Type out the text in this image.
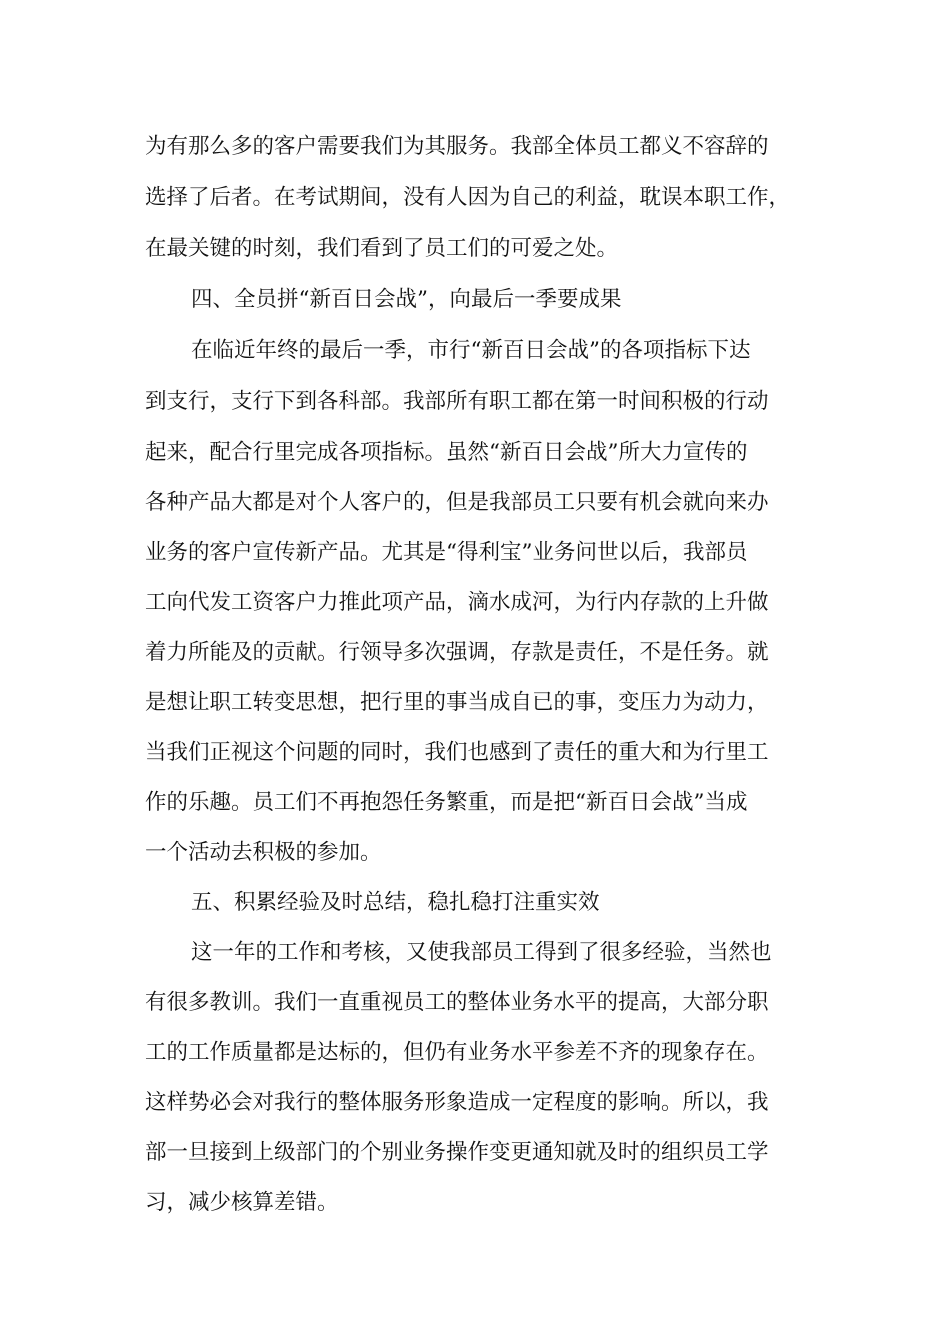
为有那么多的客户需要我们为其服务。我部全体员工都义不容辞的
选择了后者。在考试期间，没有人因为自己的利益，耽误本职工作，
在最关键的时刻，我们看到了员工们的可爱之处。
四、全员拼“新百日会战”，向最后一季要成果
在临近年终的最后一季，市行“新百日会战”的各项指标下达
到支行，支行下到各科部。我部所有职工都在第一时间积极的行动
起来，配合行里完成各项指标。虽然“新百日会战”所大力宣传的
各种产品大都是对个人客户的，但是我部员工只要有机会就向来办
业务的客户宣传新产品。尤其是“得利宝”业务问世以后，我部员
工向代发工资客户力推此项产品，滴水成河，为行内存款的上升做
着力所能及的贡献。行领导多次强调，存款是责任，不是任务。就
是想让职工转变思想，把行里的事当成自已的事，变压力为动力，
当我们正视这个问题的同时，我们也感到了责任的重大和为行里工
作的乐趣。员工们不再抱怨任务繁重，而是把“新百日会战”当成
一个活动去积极的参加。
五、积累经验及时总结，稳扎稳打注重实效
这一年的工作和考核，又使我部员工得到了很多经验，当然也
有很多教训。我们一直重视员工的整体业务水平的提高，大部分职
工的工作质量都是达标的，但仍有业务水平参差不齐的现象存在。
这样势必会对我行的整体服务形象造成一定程度的影响。所以，我
部一旦接到上级部门的个别业务操作变更通知就及时的组织员工学
习，减少核算差错。
